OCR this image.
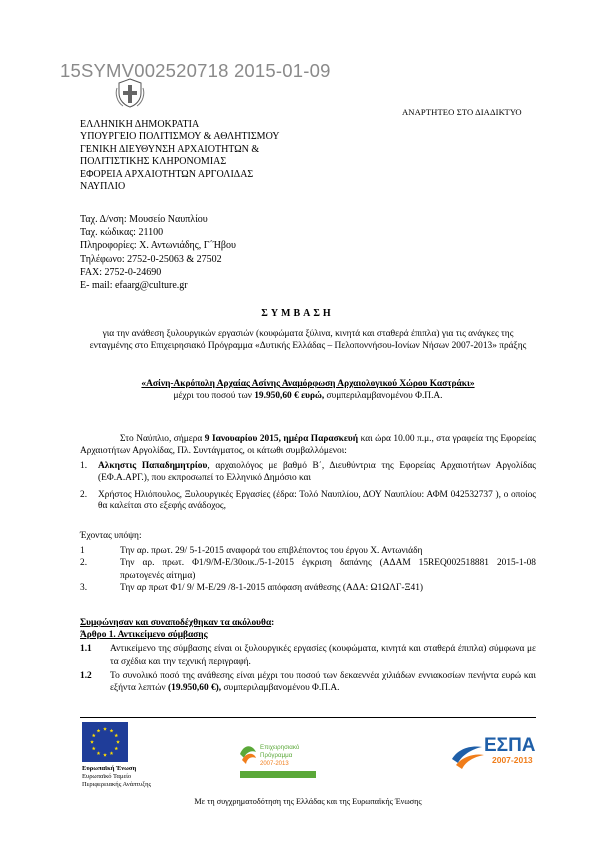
15SYMV002520718 2015-01-09
ΑΝΑΡΤΗΤΕΟ ΣΤΟ ΔΙΑΔΙΚΤΥΟ
ΕΛΛΗΝΙΚΗ ΔΗΜΟΚΡΑΤΙΑ
ΥΠΟΥΡΓΕΙΟ ΠΟΛΙΤΙΣΜΟΥ & ΑΘΛΗΤΙΣΜΟΥ
ΓΕΝΙΚΗ ΔΙΕΥΘΥΝΣΗ ΑΡΧΑΙΟΤΗΤΩΝ &
ΠΟΛΙΤΙΣΤΙΚΗΣ ΚΛΗΡΟΝΟΜΙΑΣ
ΕΦΟΡΕΙΑ ΑΡΧΑΙΟΤΗΤΩΝ ΑΡΓΟΛΙΔΑΣ
ΝΑΥΠΛΙΟ
Ταχ. Δ/νση: Μουσείο Ναυπλίου
Ταχ. κώδικας: 21100
Πληροφορίες: Χ. Αντωνιάδης, Γ΄Ήβου
Τηλέφωνο: 2752-0-25063 & 27502
FAX: 2752-0-24690
E- mail: efaarg@culture.gr
ΣΥΜΒΑΣΗ
για την ανάθεση ξυλουργικών εργασιών (κουφώματα ξύλινα, κινητά και σταθερά έπιπλα) για τις ανάγκες της ενταγμένης στο Επιχειρησιακό Πρόγραμμα «Δυτικής Ελλάδας – Πελοποννήσου-Ιονίων Νήσων 2007-2013» πράξης
«Ασίνη-Ακρόπολη Αρχαίας Ασίνης Αναμόρφωση Αρχαιολογικού Χώρου Καστράκι»
μέχρι του ποσού των 19.950,60 € ευρώ, συμπεριλαμβανομένου Φ.Π.Α.

Στο Ναύπλιο, σήμερα 9 Ιανουαρίου 2015, ημέρα Παρασκευή και ώρα 10.00 π.μ., στα γραφεία της Εφορείας Αρχαιοτήτων Αργολίδας, Πλ. Συντάγματος, οι κάτωθι συμβαλλόμενοι:

1.	Αλκηστις Παπαδημητρίου, αρχαιολόγος με βαθμό Β΄, Διευθύντρια της Εφορείας Αρχαιοτήτων Αργολίδας (ΕΦ.Α.ΑΡΓ.), που εκπροσωπεί το Ελληνικό Δημόσιο και
2.	Χρήστος Ηλιόπουλος, Ξυλουργικές Εργασίες (έδρα: Τολό Ναυπλίου, ΔΟΥ Ναυπλίου: ΑΦΜ 042532737 ), ο οποίος θα καλείται στο εξεφής ανάδοχος,
Έχοντας υπόψη:
1	Την αρ. πρωτ. 29/ 5-1-2015 αναφορά του επιβλέποντος του έργου Χ. Αντωνιάδη
2.	Την αρ. πρωτ. Φ1/9/Μ-Ε/30οικ./5-1-2015 έγκριση δαπάνης (ΑΔΑΜ 15REQ002518881 2015-1-08 πρωτογενές αίτημα)
3.	Την αρ πρωτ Φ1/ 9/ Μ-Ε/29 /8-1-2015 απόφαση ανάθεσης (ΑΔΑ: Ω1ΩΛΓ-Ξ41)
Συμφώνησαν και συναποδέχθηκαν τα ακόλουθα:
Άρθρο 1. Αντικείμενο σύμβασης
1.1	Αντικείμενο της σύμβασης είναι οι ξυλουργικές εργασίες (κουφώματα, κινητά και σταθερά έπιπλα) σύμφωνα με τα σχέδια και την τεχνική περιγραφή.
1.2	Το συνολικό ποσό της ανάθεσης είναι μέχρι του ποσού των δεκαεννέα χιλιάδων εννιακοσίων πενήντα ευρώ και εξήντα λεπτών (19.950,60 €), συμπεριλαμβανομένου Φ.Π.Α.
Ευρωπαϊκή Ένωση
Ευρωπαϊκό Ταμείο
Περιφερειακής Ανάπτυξης
Επιχειρησιακό
Πρόγραμμα
2007-2013
ΕΣΠΑ
2007-2013
Με τη συγχρηματοδότηση της Ελλάδας και της Ευρωπαϊκής Ένωσης
